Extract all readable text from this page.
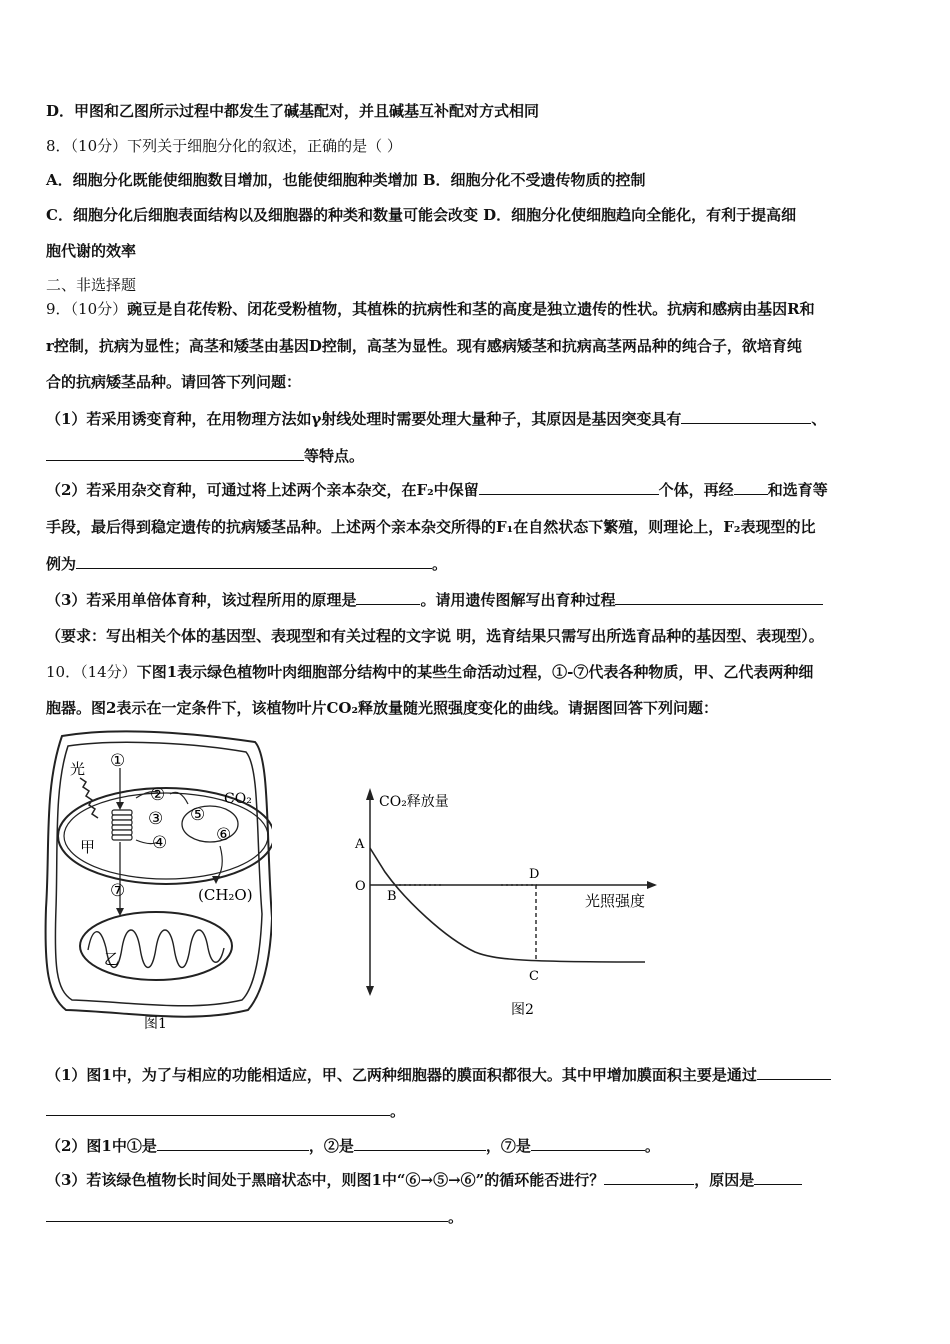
D．甲图和乙图所示过程中都发生了碱基配对，并且碱基互补配对方式相同
8．（10分）下列关于细胞分化的叙述，正确的是（ ）
A．细胞分化既能使细胞数目增加，也能使细胞种类增加 B．细胞分化不受遗传物质的控制
C．细胞分化后细胞表面结构以及细胞器的种类和数量可能会改变 D．细胞分化使细胞趋向全能化，有利于提高细
胞代谢的效率
二、非选择题
9．（10分）豌豆是自花传粉、闭花受粉植物，其植株的抗病性和茎的高度是独立遗传的性状。抗病和感病由基因R和
r控制，抗病为显性；高茎和矮茎由基因D控制，高茎为显性。现有感病矮茎和抗病高茎两品种的纯合子，欲培育纯
合的抗病矮茎品种。请回答下列问题：
（1）若采用诱变育种，在用物理方法如γ射线处理时需要处理大量种子，其原因是基因突变具有	、
等特点。
（2）若采用杂交育种，可通过将上述两个亲本杂交，在F₂中保留	个体，再经 和选育等
手段，最后得到稳定遗传的抗病矮茎品种。上述两个亲本杂交所得的F₁在自然状态下繁殖，则理论上，F₂表现型的比
例为	。
（3）若采用单倍体育种，该过程所用的原理是	。请用遗传图解写出育种过程
（要求：写出相关个体的基因型、表现型和有关过程的文字说 明，选育结果只需写出所选育品种的基因型、表现型）。
10．（14分）下图1表示绿色植物叶肉细胞部分结构中的某些生命活动过程，①-⑦代表各种物质，甲、乙代表两种细
胞器。图2表示在一定条件下，该植物叶片CO₂释放量随光照强度变化的曲线。请据图回答下列问题：
光 ①
②
③
④
⑤
⑥
CO₂
甲
(CH₂O)
⑦
乙
图1
CO₂释放量
光照强度
O
A
B
D
C
图2
（1）图1中，为了与相应的功能相适应，甲、乙两种细胞器的膜面积都很大。其中甲增加膜面积主要是通过
。
（2）图1中①是	，②是	，⑦是	。
（3）若该绿色植物长时间处于黑暗状态中，则图1中“⑥→⑤→⑥”的循环能否进行？	，原因是
。
